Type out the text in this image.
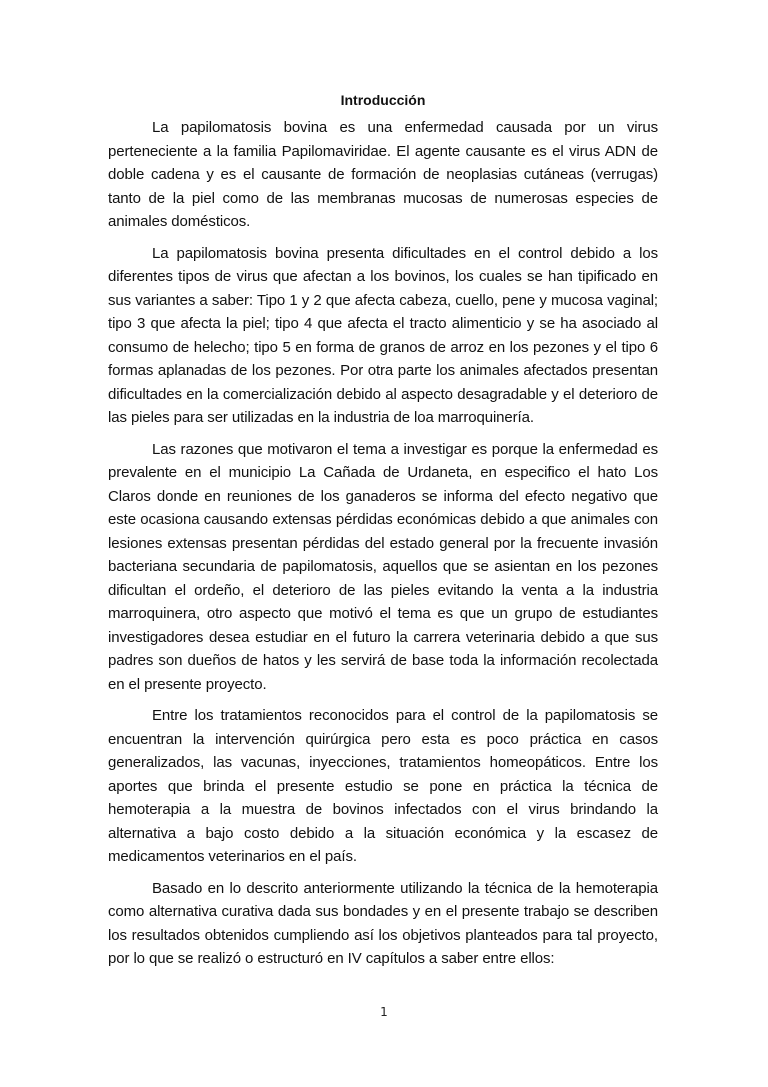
Introducción

La papilomatosis bovina es una enfermedad causada por un virus perteneciente a la familia Papilomaviridae. El agente causante es el virus ADN de doble cadena y es el causante de formación de neoplasias cutáneas (verrugas) tanto de la piel como de las membranas mucosas de numerosas especies de animales domésticos.

La papilomatosis bovina presenta dificultades en el control debido a los diferentes tipos de virus que afectan a los bovinos, los cuales se han tipificado en sus variantes a saber: Tipo 1 y 2 que afecta cabeza, cuello, pene y mucosa vaginal; tipo 3 que afecta la piel; tipo 4 que afecta el tracto alimenticio y se ha asociado al consumo de helecho; tipo 5 en forma de granos de arroz en los pezones y el tipo 6 formas aplanadas de los pezones. Por otra parte los animales afectados presentan dificultades en la comercialización debido al aspecto desagradable y el deterioro de las pieles para ser utilizadas en la industria de loa marroquinería.

Las razones que motivaron el tema a investigar es porque la enfermedad es prevalente en el municipio La Cañada de Urdaneta, en especifico el hato Los Claros donde en reuniones de los ganaderos se informa del efecto negativo que este ocasiona causando extensas pérdidas económicas debido a que animales con lesiones extensas presentan pérdidas del estado general por la frecuente invasión bacteriana secundaria de papilomatosis, aquellos que se asientan en los pezones dificultan el ordeño, el deterioro de las pieles evitando la venta a la industria marroquinera, otro aspecto que motivó el tema es que un grupo de estudiantes investigadores desea estudiar en el futuro la carrera veterinaria debido a que sus padres son dueños de hatos y les servirá de base toda la información recolectada en el presente proyecto.

Entre los tratamientos reconocidos para el control de la papilomatosis se encuentran la intervención quirúrgica pero esta es poco práctica en casos generalizados, las vacunas, inyecciones, tratamientos homeopáticos. Entre los aportes que brinda el presente estudio se pone en práctica la técnica de hemoterapia a la muestra de bovinos infectados con el virus brindando la alternativa a bajo costo debido a la situación económica y la escasez de medicamentos veterinarios en el país.

Basado en lo descrito anteriormente utilizando la técnica de la hemoterapia como alternativa curativa dada sus bondades y en el presente trabajo se describen los resultados obtenidos cumpliendo así los objetivos planteados para tal proyecto, por lo que se realizó o estructuró en IV capítulos a saber entre ellos:

1
